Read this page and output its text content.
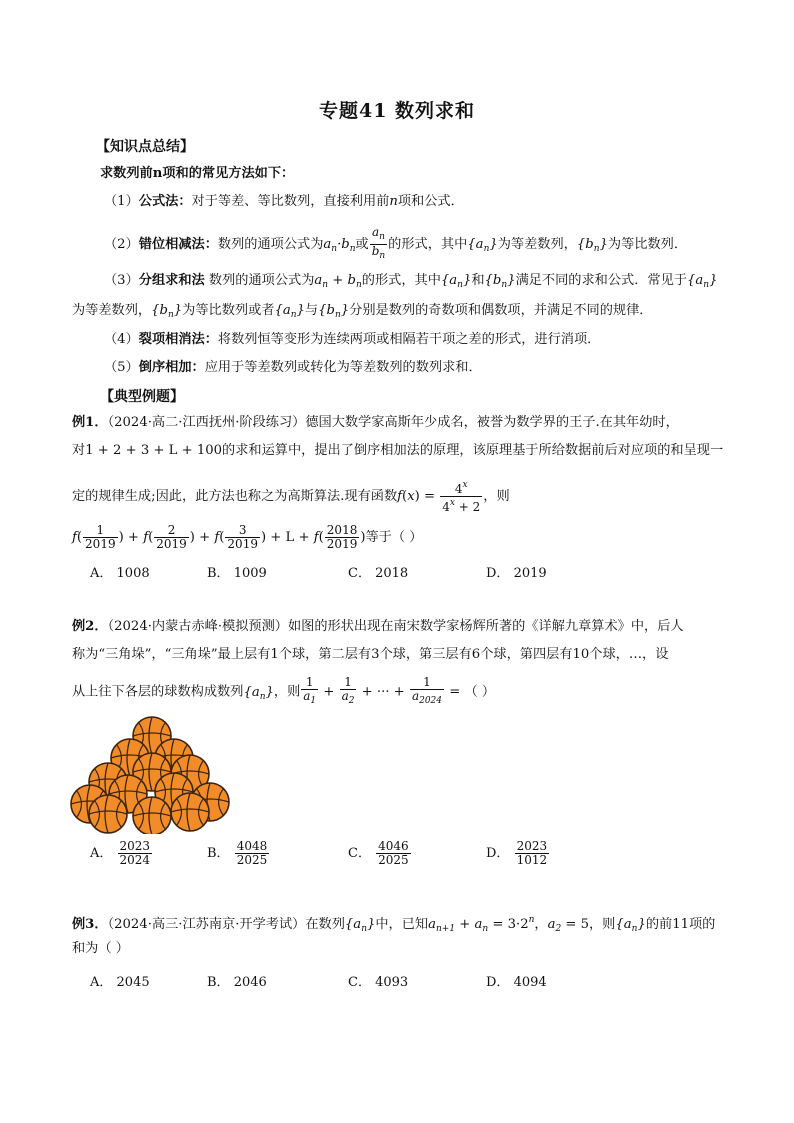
专题41 数列求和
【知识点总结】
求数列前n项和的常见方法如下：
（1）公式法：对于等差、等比数列，直接利用前n项和公式．
（2）错位相减法：数列的通项公式为$a_n\cdot b_n$或 $\frac{a_n}{b_n}$ 的形式，其中$\{a_n\}$为等差数列，$\{b_n\}$为等比数列．
（3）分组求和法 数列的通项公式为$a_n + b_n$的形式，其中$\{a_n\}$和$\{b_n\}$满足不同的求和公式．常见于$\{a_n\}$
为等差数列，$\{b_n\}$为等比数列或者$\{a_n\}$与$\{b_n\}$分别是数列的奇数项和偶数项，并满足不同的规律．
（4）裂项相消法：将数列恒等变形为连续两项或相隔若干项之差的形式，进行消项．
（5）倒序相加：应用于等差数列或转化为等差数列的数列求和．
【典型例题】
例1．（2024·高二·江西抚州·阶段练习）德国大数学家高斯年少成名，被誉为数学界的王子.在其年幼时，
对1 + 2 + 3 + L + 100的求和运算中，提出了倒序相加法的原理，该原理基于所给数据前后对应项的和呈现一
定的规律生成;因此，此方法也称之为高斯算法.现有函数$f(x) = \frac{4^x}{4^x + 2}$ ，则
$f( \frac{1}{2019}$ ) + $f( \frac{2}{2019}$ ) + $f( \frac{3}{2019}$ ) + $L + f( \frac{2018}{2019}$ )等于（ ）
A． 1008	B． 1009	C． 2018	D． 2019
例2．（2024·内蒙古赤峰·模拟预测）如图的形状出现在南宋数学家杨辉所著的《详解九章算术》中，后人
称为“三角垛”，“三角垛”最上层有1个球，第二层有3个球，第三层有6个球，第四层有10个球，…，设
从上往下各层的球数构成数列$\{a_n\}$，则 $\frac{1}{a_1} + \frac{1}{a_2}$ + ··· + $\frac{1}{a_{2024}}$ = （ ）
A． $\frac{2023}{2024}$	B． $\frac{4048}{2025}$	C． $\frac{4046}{2025}$	D． $\frac{2023}{1012}$
例3．（2024·高三·江苏南京·开学考试）在数列$\{a_n\}$中，已知$a_{n+1} + a_n = 3\cdot 2^n$，$a_2 = 5$，则$\{a_n\}$的前11项的
和为（ ）
A． 2045	B． 2046	C． 4093	D． 4094
